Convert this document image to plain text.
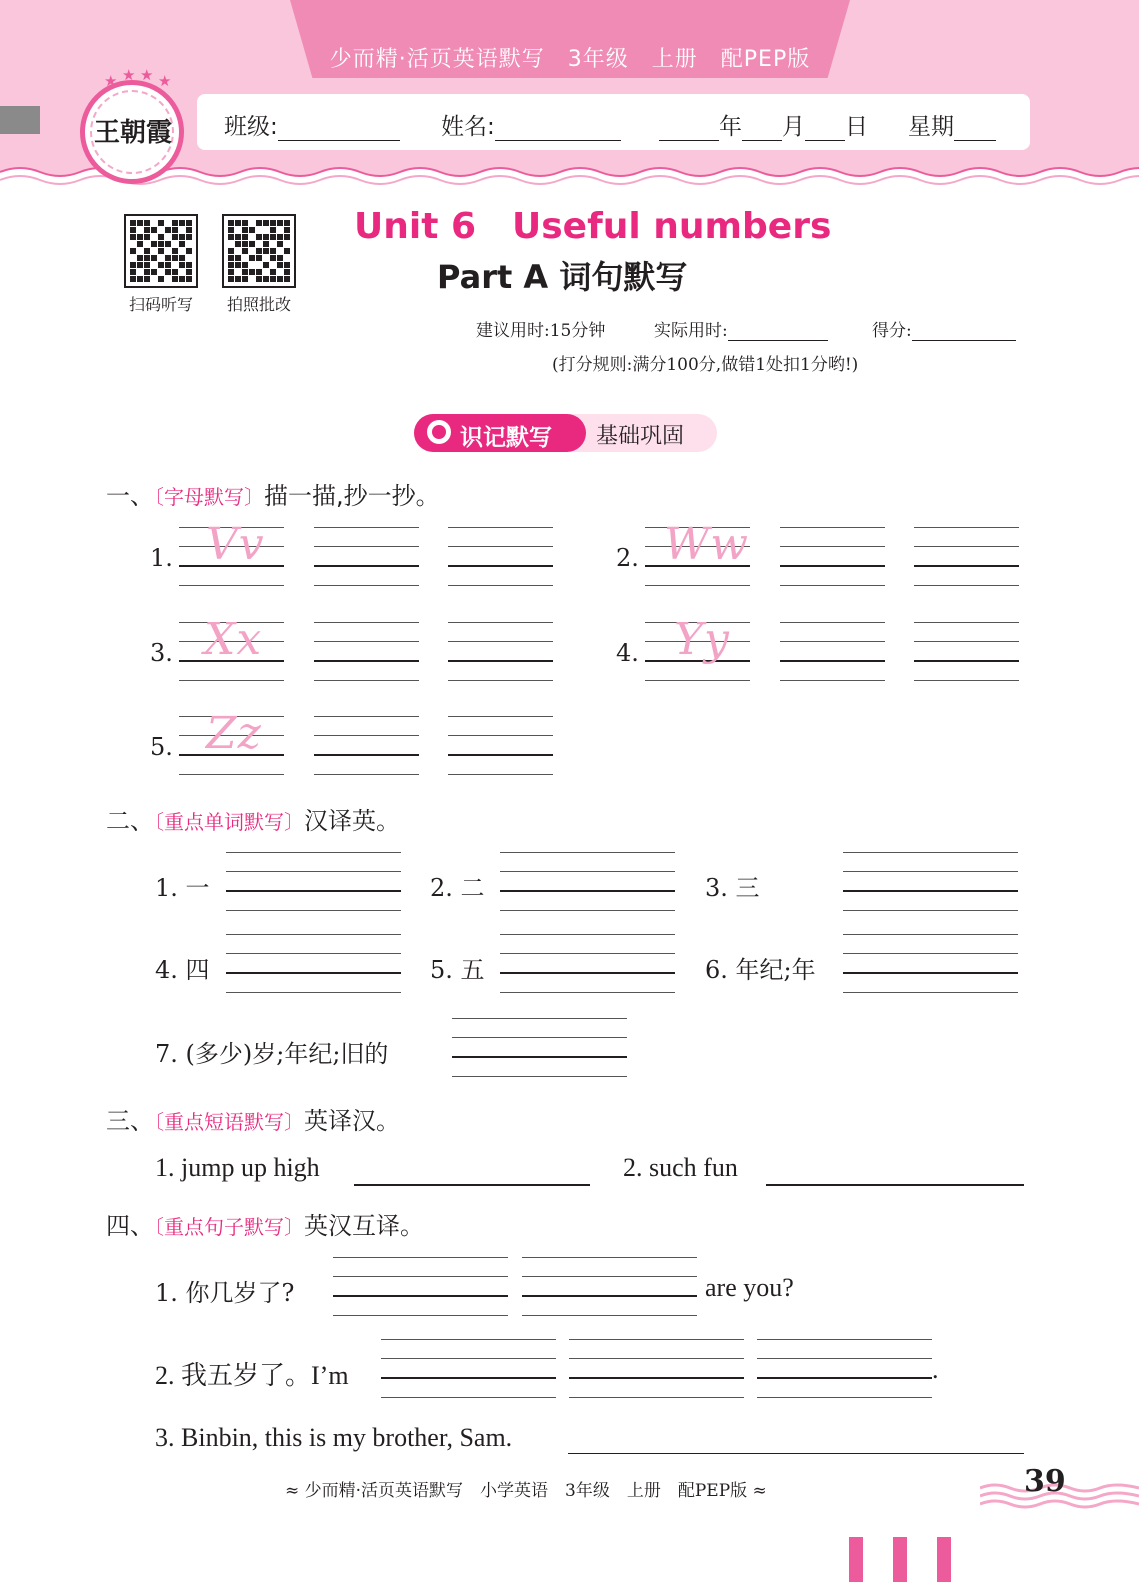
少而精·活页英语默写　3年级　上册　配PEP版
班级:	姓名:	年 月 日 星期
王朝霞
★ ★ ★ ★
扫码听写	拍照批改
Unit 6　Useful numbers
Part A 词句默写
建议用时:15分钟	实际用时:	得分:
(打分规则:满分100分,做错1处扣1分哟!)
识记默写 基础巩固
一、〔字母默写〕描一描,抄一抄。
1. Vv	2. Ww
3. Xx	4. Yy
5. Zz
二、〔重点单词默写〕汉译英。
1. 一	2. 二	3. 三
4. 四	5. 五	6. 年纪;年
7. (多少)岁;年纪;旧的
三、〔重点短语默写〕英译汉。
1. jump up high	2. such fun
四、〔重点句子默写〕英汉互译。
1. 你几岁了?	are you?
2. 我五岁了。I’m	.
3. Binbin, this is my brother, Sam.
≈ 少而精·活页英语默写　小学英语　3年级　上册　配PEP版 ≈	39
